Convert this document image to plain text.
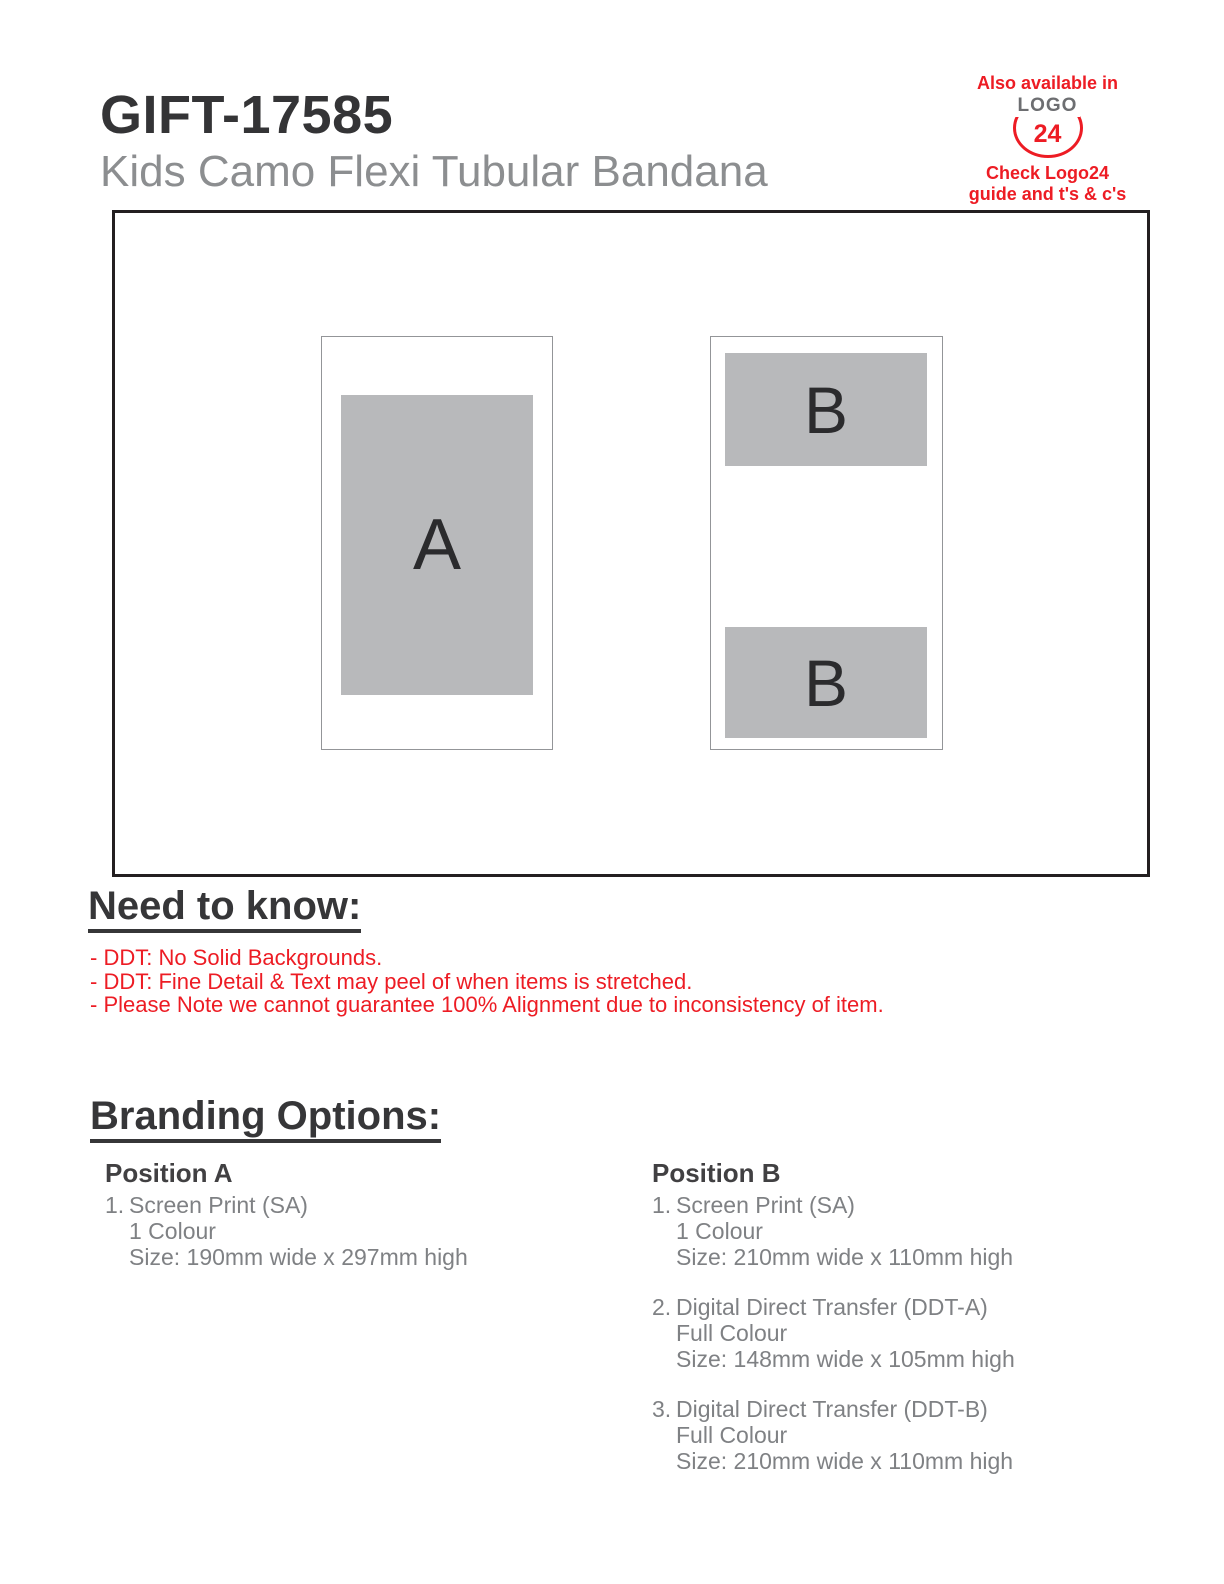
GIFT-17585
Kids Camo Flexi Tubular Bandana
Also available in
LOGO
24
Check Logo24
guide and t's & c's
A
B
B
Need to know:

- DDT: No Solid Backgrounds.

- DDT: Fine Detail & Text may peel of when items is stretched.

- Please Note we cannot guarantee 100% Alignment due to inconsistency of item.

Branding Options:
Position A
1. Screen Print (SA)
1 Colour
Size: 190mm wide x 297mm high
Position B
1. Screen Print (SA)
1 Colour
Size: 210mm wide x 110mm high
2. Digital Direct Transfer (DDT-A)
Full Colour
Size: 148mm wide x 105mm high
3. Digital Direct Transfer (DDT-B)
Full Colour
Size: 210mm wide x 110mm high
